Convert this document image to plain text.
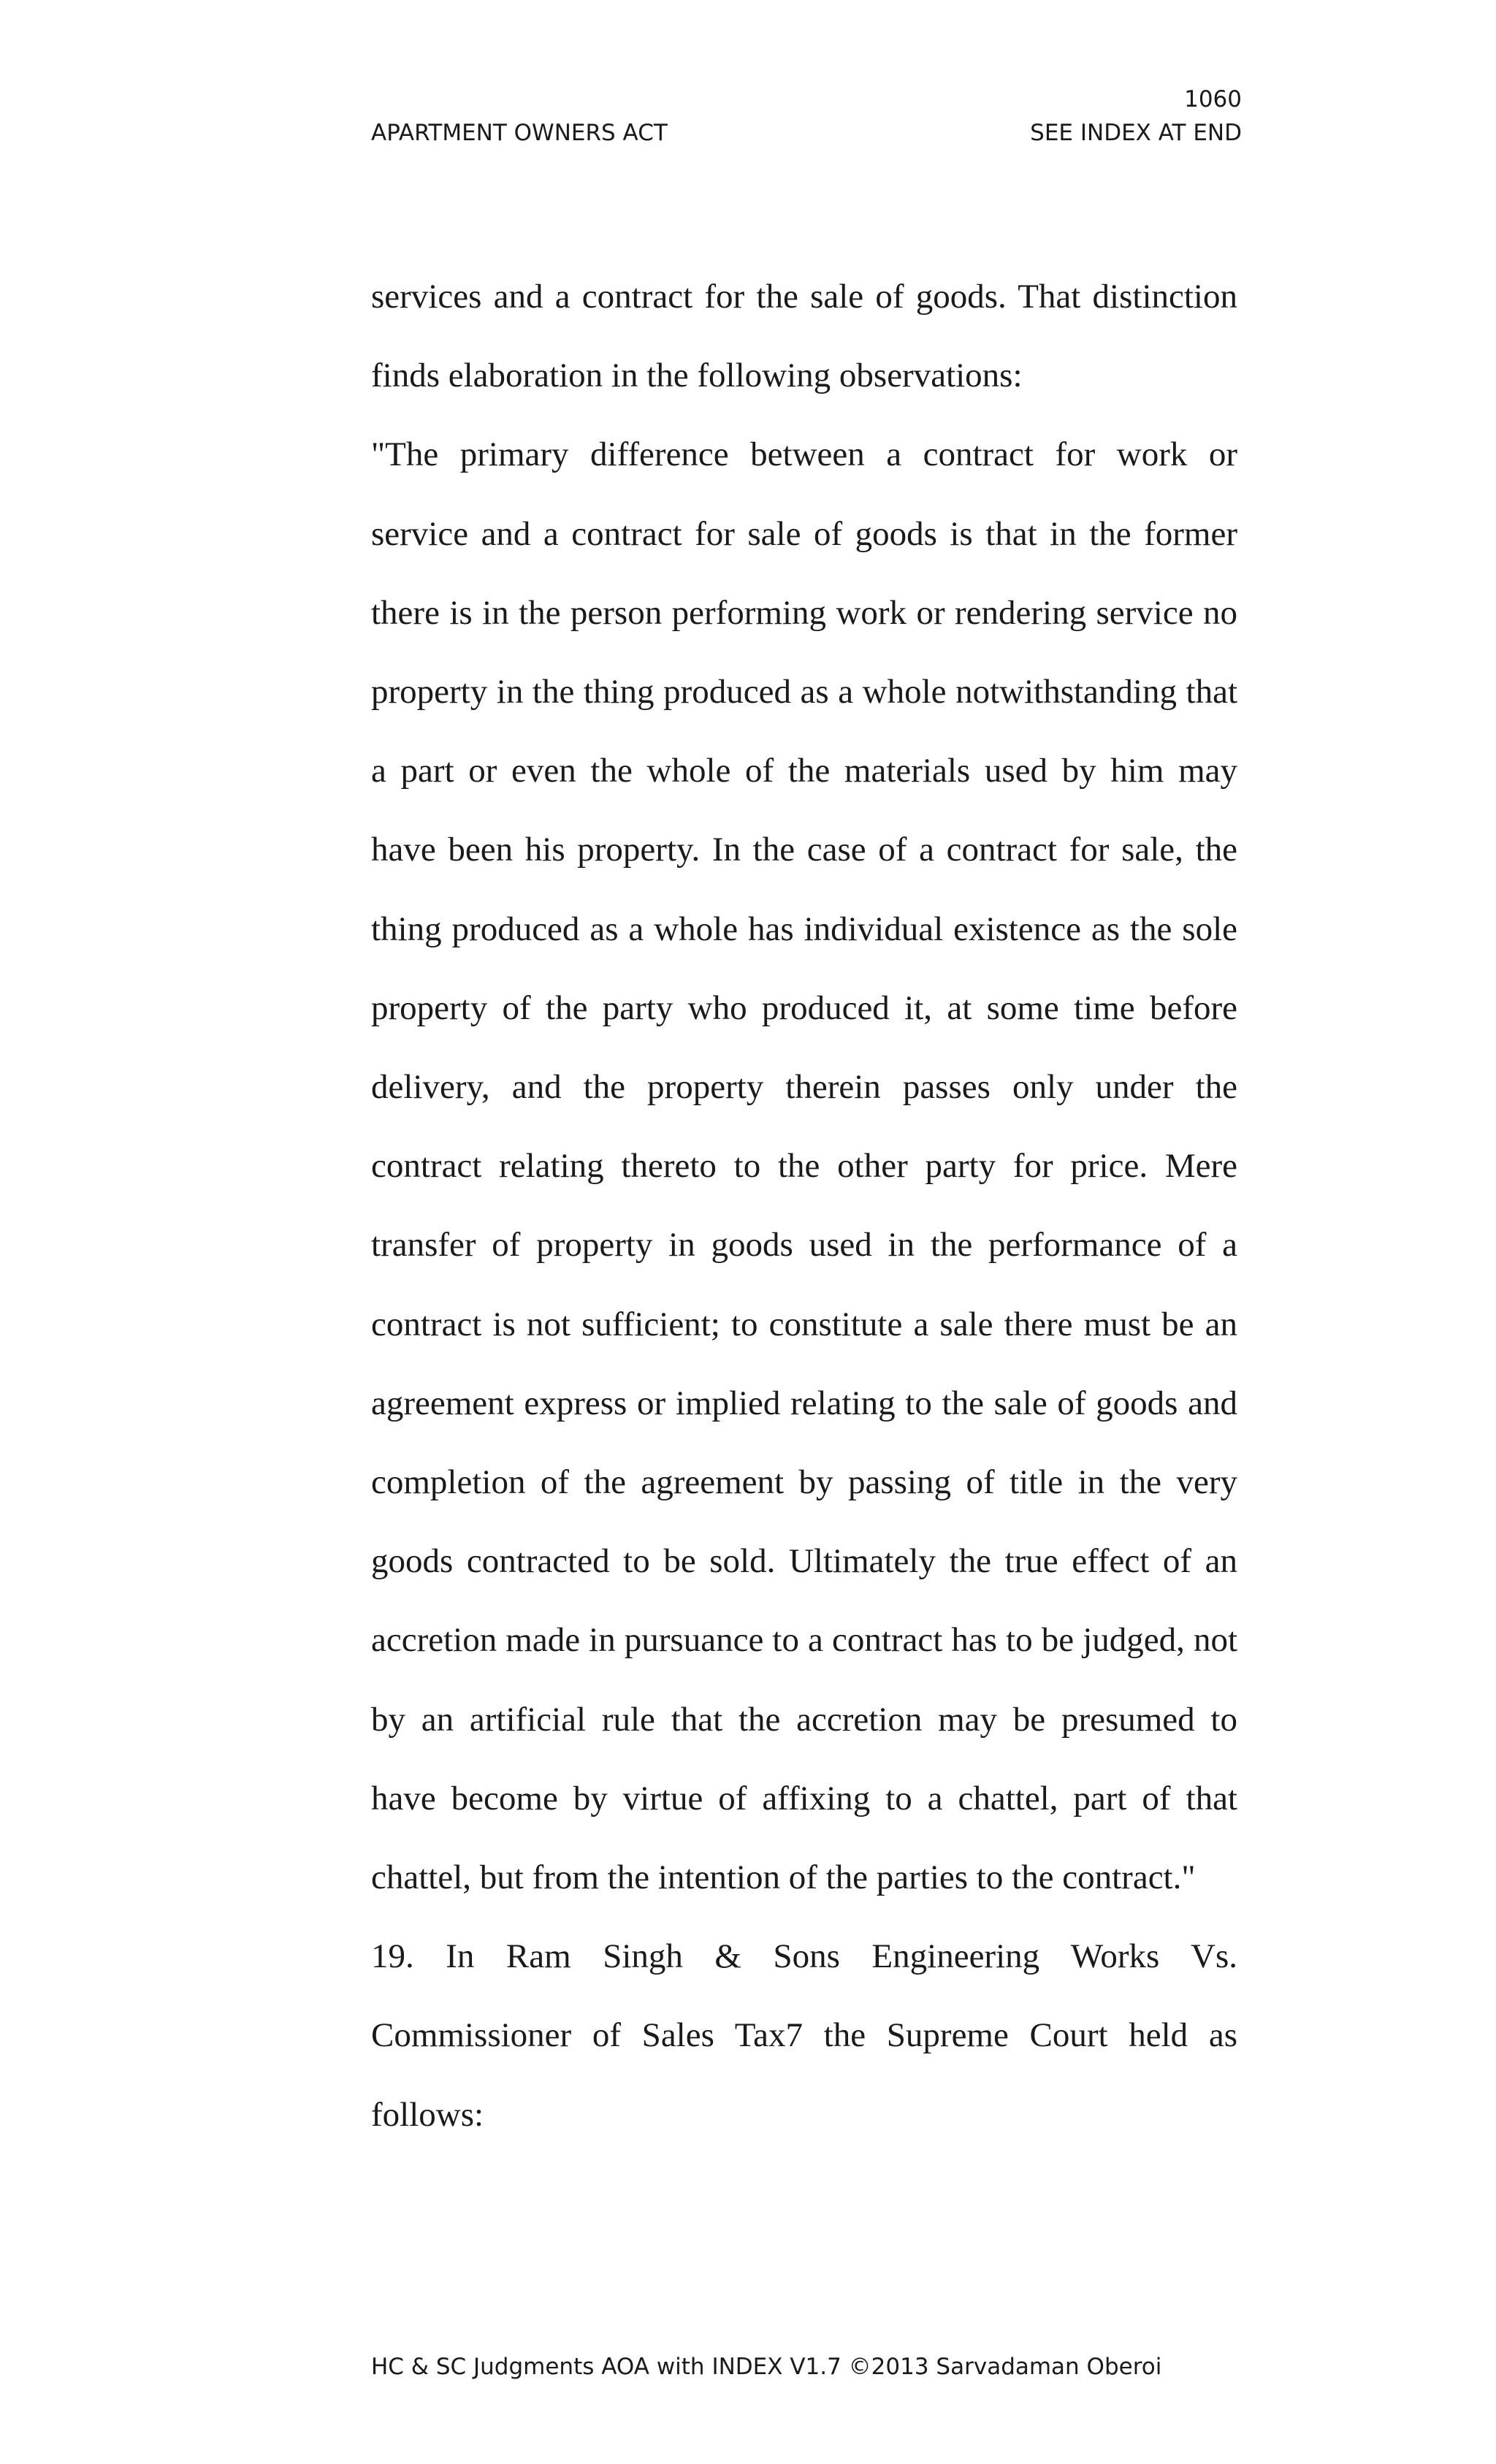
1060
APARTMENT OWNERS ACT	SEE INDEX AT END

services and a contract for the sale of goods. That distinction finds elaboration in the following observations:

"The primary difference between a contract for work or service and a contract for sale of goods is that in the former there is in the person performing work or rendering service no property in the thing produced as a whole notwithstanding that a part or even the whole of the materials used by him may have been his property. In the case of a contract for sale, the thing produced as a whole has individual existence as the sole property of the party who produced it, at some time before delivery, and the property therein passes only under the contract relating thereto to the other party for price. Mere transfer of property in goods used in the performance of a contract is not sufficient; to constitute a sale there must be an agreement express or implied relating to the sale of goods and completion of the agreement by passing of title in the very goods contracted to be sold. Ultimately the true effect of an accretion made in pursuance to a contract has to be judged, not by an artificial rule that the accretion may be presumed to have become by virtue of affixing to a chattel, part of that chattel, but from the intention of the parties to the contract."

19. In Ram Singh & Sons Engineering Works Vs. Commissioner of Sales Tax7 the Supreme Court held as follows:

HC & SC Judgments AOA with INDEX V1.7 ©2013 Sarvadaman Oberoi
